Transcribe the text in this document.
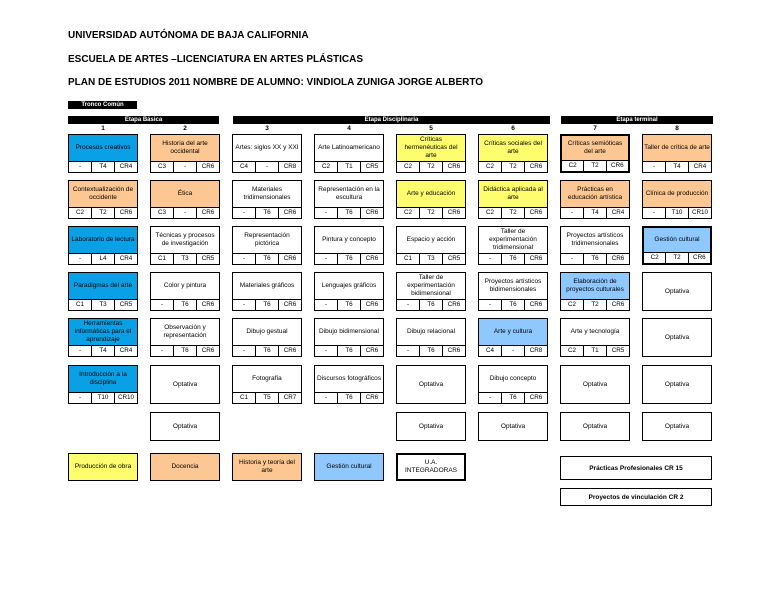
UNIVERSIDAD AUTÓNOMA DE BAJA CALIFORNIA
ESCUELA DE ARTES –LICENCIATURA EN ARTES PLÁSTICAS
PLAN DE ESTUDIOS 2011 NOMBRE DE ALUMNO: VINDIOLA ZUNIGA JORGE ALBERTO
Tronco Común
Etapa Básica	Etapa Disciplinaria	Etapa terminal
1	2	3	4	5	6	7	8
Procesos creativos
-	T4	CR4
Historia del arte occidental
C3	-	CR6
Artes: siglos XX y XXI
C4	-	CR8
Arte Latinoamericano
C2	T1	CR5
Críticas hermenéuticas del arte
C2	T2	CR6
Críticas sociales del arte
C2	T2	CR6
Críticas semióticas del arte
C2	T2	CR6
Taller de crítica de arte
-	T4	CR4
Contextualización de occidente
C2	T2	CR6
Ética
C3	-	CR6
Materiales tridimensionales
-	T6	CR6
Representación en la escultura
-	T6	CR6
Arte y educación
C2	T2	CR6
Didáctica aplicada al arte
C2	T2	CR6
Prácticas en educación artística
-	T4	CR4
Clínica de producción
-	T10	CR10
Laboratorio de lectura
-	L4	CR4
Técnicas y procesos de investigación
C1	T3	CR5
Representación pictórica
-	T6	CR6
Pintura y concepto
-	T6	CR6
Espacio y acción
C1	T3	CR5
Taller de experimentación tridimensional
-	T6	CR6
Proyectos artísticos tridimensionales
-	T6	CR6
Gestión cultural
C2	T2	CR6
Paradigmas del arte
C1	T3	CR5
Color y pintura
-	T6	CR6
Materiales gráficos
-	T6	CR6
Lenguajes gráficos
-	T6	CR6
Taller de experimentación bidimensional
-	T6	CR6
Proyectos artísticos bidimensionales
-	T6	CR6
Elaboración de proyectos culturales
C2	T2	CR6
Optativa
Herramientas informáticas para el aprendizaje
-	T4	CR4
Observación y representación
-	T6	CR6
Dibujo gestual
-	T6	CR6
Dibujo bidimensional
-	T6	CR6
Dibujo relacional
-	T6	CR6
Arte y cultura
C4	-	CR8
Arte y tecnología
C2	T1	CR5
Optativa
Introducción a la disciplina
-	T10	CR10
Optativa
Fotografía
C1	T5	CR7
Discursos fotográficos
-	T6	CR6
Optativa
Dibujo concepto
-	T6	CR6
Optativa	Optativa
Optativa	Optativa	Optativa	Optativa	Optativa
Producción de obra	Docencia
Historia y teoría del arte
Gestión cultural
U.A. INTEGRADORAS	Prácticas Profesionales CR 15
Proyectos de vinculación CR 2
